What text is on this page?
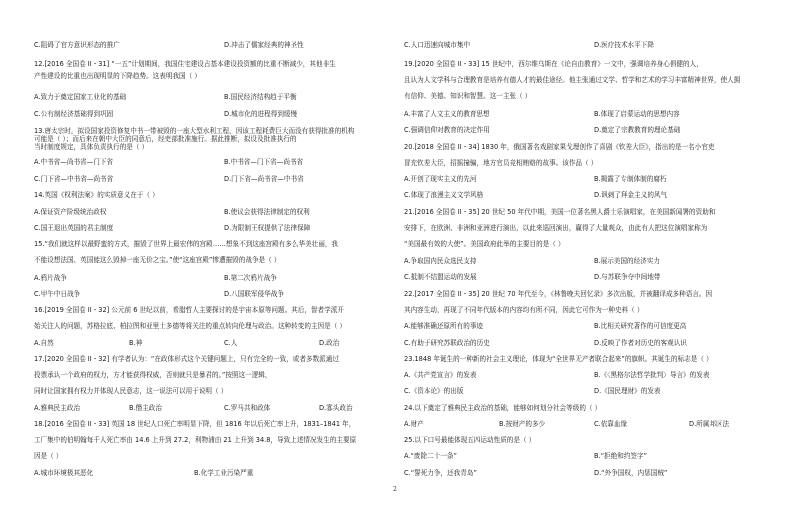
C.阻碍了官方意识形态的推广	D.冲击了儒家经典的神圣性
12.[2016 全国卷 II・31] “一五”计划期间，我国住宅建设占基本建设投资额的比重不断减少，其他非生
产性建设的比重也出现明显的下降趋势。这表明我国（ ）
A.致力于奠定国家工业化的基础	B.国民经济结构趋于平衡
C.公有制经济基础得到巩固	D.城市化的进程得到缓慢
13.唐太宗时，拟设国家投资修复中书一带被毁的一座大型水利工程，因该工程耗费巨大而没有获得批准的机构
可能是（ ）；而后来在朝中大臣的同意后，经吏部批准施行。据此推断，拟设及批准执行的
当时制度规定，具体负责执行的是（ ）
A.中书省—尚书省—门下省	B.中书省—门下省—尚书省
C.门下省—中书省—尚书省	D.门下省—尚书省—中书省
14.英国《权利法案》的实质意义在于（ ）
A.保证资产阶级统治政权	B.使议会获得法律制定的权利
C.国王退出英国的君主制度	D.为限制王权提供了法律保障
15.“我们就这样以最野蛮的方式，摧毁了世界上最宏伟的宫殿……想象不到这座宫殿有多么华美壮丽，我
不能设想法国、英国能这么毁掉一座无价之宝。”使“这座宫殿”惨遭摧毁的战争是（ ）
A.鸦片战争	B.第二次鸦片战争
C.甲午中日战争	D.八国联军侵华战争
16.[2019 全国卷 II・32] 公元前 6 世纪以前，希腊哲人主要探讨的是宇宙本原等问题。其后，智者学派开
始关注人的问题，苏格拉底、柏拉图和亚里士多德等将关注的重点转向伦理与政治。这种转变的主因是（ ）
A.自然	B.神	C.人	D.政治
17.[2020 全国卷 II・32] 有学者认为：“在政体形式这个关键问题上，只有完全的一致，或者多数派通过
投票承认一个政府的权力，方才能获得权威，否则就只是暴君的。”按照这一逻辑，
同时让国家拥有权力并体现人民意志，这一说法可以用于说明（ ）
A.雅典民主政治	B.僭主政治	C.罗马共和政体	D.寡头政治
18.[2016 全国卷 II・33] 英国 18 世纪人口死亡率明显下降，但 1816 年以后死亡率上升，1831–1841 年，
工厂集中的伯明翰每千人死亡率由 14.6 上升到 27.2，利物浦由 21 上升到 34.8，导致上述情况发生的主要原
因是（ ）
A.城市环境极其恶化	B.化学工业污染严重
C.人口迅速向城市集中	D.医疗技术水平下降
19.[2020 全国卷 II・33] 15 世纪中，西尔维乌斯在《论自由教育》一文中，强调培养身心俱健的人，
且认为人文学科与合理教育是培养有德人才的最佳途径。他主张通过文学、哲学和艺术的学习丰富精神世界，使人拥
有信仰、美德、知识和智慧。这一主张（ ）
A.丰富了人文主义的教育思想	B.体现了启蒙运动的思想内容
C.强调信仰对教育的决定作用	D.奠定了宗教教育的理论基础
20.[2018 全国卷 II・34] 1830 年，俄国著名戏剧家果戈理创作了喜剧《钦差大臣》，指出的是一名小官吏
冒充钦差大臣，招摇撞骗，地方官员竞相贿赂的故事。该作品（ ）
A.开创了现实主义的先河	B.揭露了专制体制的腐朽
C.体现了浪漫主义文学风格	D.讽刺了拜金主义的风气
21.[2016 全国卷 II・35] 20 世纪 50 年代中期，美国一位著名黑人爵士乐演唱家，在美国新闻署的资助和
安排下，在欧洲、非洲和亚洲进行演出，以此来巡回演出，赢得了大量观众，由此有人把这位演唱家称为
“美国最有效的大使”。美国政府此举的主要目的是（ ）
A.争取国内民众选民支持	B.展示美国的经济实力
C.抵制不结盟运动的发展	D.与苏联争夺中间地带
22.[2017 全国卷 II・35] 20 世纪 70 年代至今，《林鲁晚夫回忆录》多次出版，并被翻译成多种语言。因
其内容生动，再现了不同年代版本的内容均有所不同，因此它可作为一种史料（ ）
A.能够准确还原所有的事迹	B.比相关研究著作的可信度更高
C.有助于研究苏联政治的历史	D.反映了作者对历史的客观认识
23.1848 年诞生的一种新的社会主义理论，体现为“全世界无产者联合起来”的旗帜。其诞生的标志是（ ）
A.《共产党宣言》的发表	B.《〈黑格尔法哲学批判〉导言》的发表
C.《资本论》的出版	D.《国民理财》的发表
24.以下奠定了雅典民主政治的基础，能够如何划分社会等级的（ ）
A.财产	B.按财产的多少	C.依靠血缘	D.所属邦区法
25.以下口号最能体现五四运动性质的是（ ）
A.“废除二十一条”	B.“拒绝和约签字”
C.“誓死力争，还我青岛”	D.“外争国权，内惩国贼”
2
